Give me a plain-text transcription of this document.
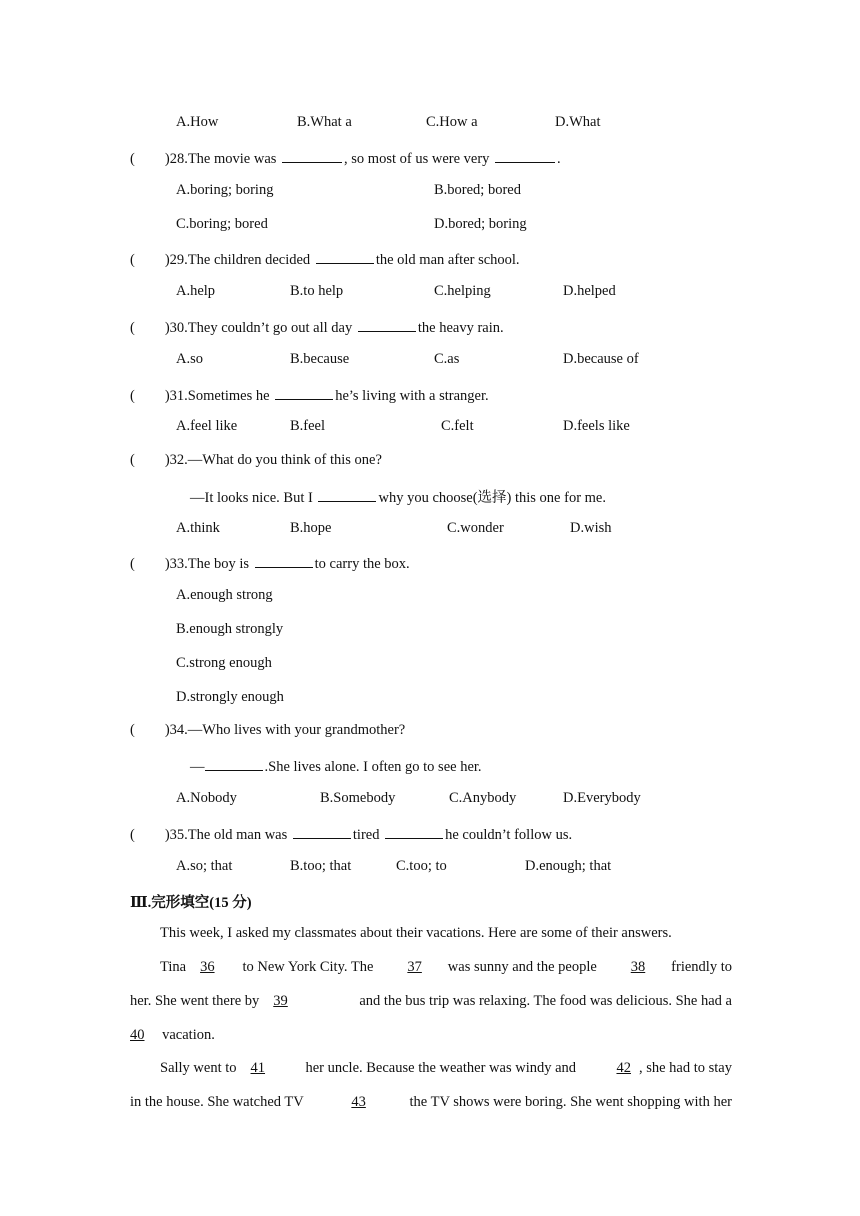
A.How	B.What a	C.How a	D.What
( )28.The movie was	, so most of us were very	.
A.boring; boring	B.bored; bored
C.boring; bored	D.bored; boring
( )29.The children decided	the old man after school.
A.help	B.to help	C.helping	D.helped
( )30.They couldn’t go out all day	the heavy rain.
A.so	B.because	C.as	D.because of
( )31.Sometimes he	he’s living with a stranger.
A.feel like	B.feel	C.felt	D.feels like
( )32.—What do you think of this one?
—It looks nice. But I	why you choose(选择) this one for me.
A.think	B.hope	C.wonder	D.wish
( )33.The boy is	to carry the box.
A.enough strong
B.enough strongly
C.strong enough
D.strongly enough
( )34.—Who lives with your grandmother?
—	.She lives alone. I often go to see her.
A.Nobody	B.Somebody	C.Anybody	D.Everybody
( )35.The old man was	tired	he couldn’t follow us.
A.so; that	B.too; that	C.too; to	D.enough; that
Ⅲ.完形填空(15 分)
This week, I asked my classmates about their vacations. Here are some of their answers.
Tina 36	to New York City. The	37	was sunny and the people	38	friendly to
her. She went there by 39	and the bus trip was relaxing. The food was delicious. She had a
40 vacation.
Sally went to 41	her uncle. Because the weather was windy and	42 , she had to stay
in the house. She watched TV	43	the TV shows were boring. She went shopping with her
